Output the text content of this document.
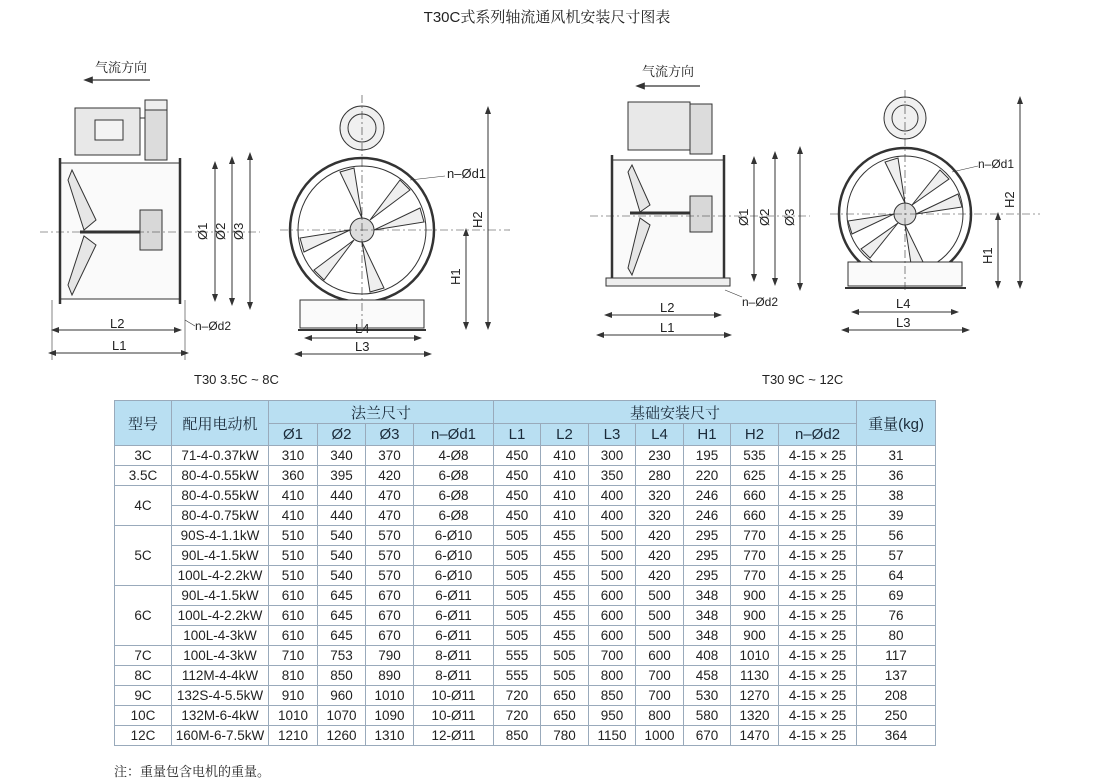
T30C式系列轴流通风机安装尺寸图表
气流方向
L2
L1
n–Ød2
Ø1 Ø2 Ø3
n–Ød1
H2
H1
L4
L3
气流方向
L2
L1
n–Ød2
Ø1 Ø2 Ø3
n–Ød1
H2
H1
L4
L3
T30 3.5C ~ 8C	T30 9C ~ 12C
型号	配用电动机	法兰尺寸				基础安装尺寸							重量(kg)
		Ø1	Ø2	Ø3	n–Ød1	L1	L2	L3	L4	H1	H2	n–Ød2	
3C	71-4-0.37kW	310	340	370	4-Ø8	450	410	300	230	195	535	4-15 × 25	31
3.5C	80-4-0.55kW	360	395	420	6-Ø8	450	410	350	280	220	625	4-15 × 25	36
4C	80-4-0.55kW	410	440	470	6-Ø8	450	410	400	320	246	660	4-15 × 25	38
	80-4-0.75kW	410	440	470	6-Ø8	450	410	400	320	246	660	4-15 × 25	39
5C	90S-4-1.1kW	510	540	570	6-Ø10	505	455	500	420	295	770	4-15 × 25	56
	90L-4-1.5kW	510	540	570	6-Ø10	505	455	500	420	295	770	4-15 × 25	57
	100L-4-2.2kW	510	540	570	6-Ø10	505	455	500	420	295	770	4-15 × 25	64
6C	90L-4-1.5kW	610	645	670	6-Ø11	505	455	600	500	348	900	4-15 × 25	69
	100L-4-2.2kW	610	645	670	6-Ø11	505	455	600	500	348	900	4-15 × 25	76
	100L-4-3kW	610	645	670	6-Ø11	505	455	600	500	348	900	4-15 × 25	80
7C	100L-4-3kW	710	753	790	8-Ø11	555	505	700	600	408	1010	4-15 × 25	117
8C	112M-4-4kW	810	850	890	8-Ø11	555	505	800	700	458	1130	4-15 × 25	137
9C	132S-4-5.5kW	910	960	1010	10-Ø11	720	650	850	700	530	1270	4-15 × 25	208
10C	132M-6-4kW	1010	1070	1090	10-Ø11	720	650	950	800	580	1320	4-15 × 25	250
12C	160M-6-7.5kW	1210	1260	1310	12-Ø11	850	780	1150	1000	670	1470	4-15 × 25	364
注：重量包含电机的重量。
